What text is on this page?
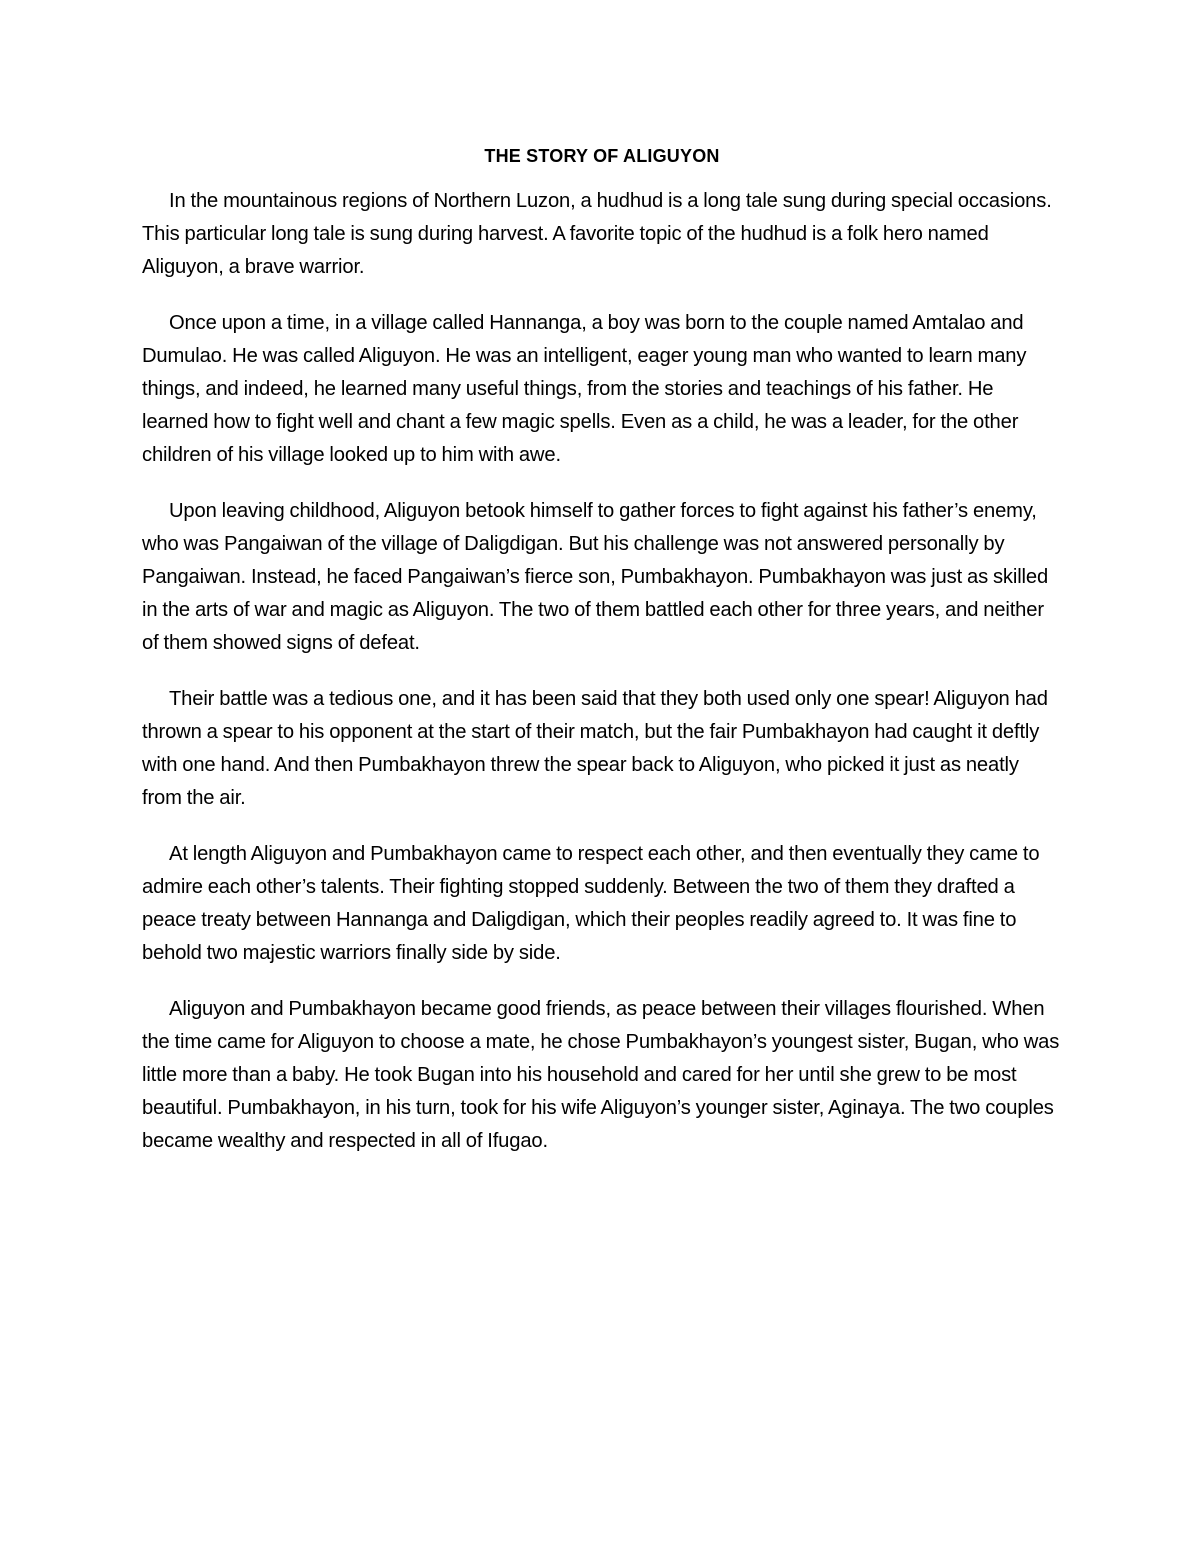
THE STORY OF ALIGUYON

In the mountainous regions of Northern Luzon, a hudhud is a long tale sung during special occasions. This particular long tale is sung during harvest. A favorite topic of the hudhud is a folk hero named Aliguyon, a brave warrior.

Once upon a time, in a village called Hannanga, a boy was born to the couple named Amtalao and Dumulao. He was called Aliguyon. He was an intelligent, eager young man who wanted to learn many things, and indeed, he learned many useful things, from the stories and teachings of his father. He learned how to fight well and chant a few magic spells. Even as a child, he was a leader, for the other children of his village looked up to him with awe.

Upon leaving childhood, Aliguyon betook himself to gather forces to fight against his father’s enemy, who was Pangaiwan of the village of Daligdigan. But his challenge was not answered personally by Pangaiwan. Instead, he faced Pangaiwan’s fierce son, Pumbakhayon. Pumbakhayon was just as skilled in the arts of war and magic as Aliguyon. The two of them battled each other for three years, and neither of them showed signs of defeat.

Their battle was a tedious one, and it has been said that they both used only one spear! Aliguyon had thrown a spear to his opponent at the start of their match, but the fair Pumbakhayon had caught it deftly with one hand. And then Pumbakhayon threw the spear back to Aliguyon, who picked it just as neatly from the air.

At length Aliguyon and Pumbakhayon came to respect each other, and then eventually they came to admire each other’s talents. Their fighting stopped suddenly. Between the two of them they drafted a peace treaty between Hannanga and Daligdigan, which their peoples readily agreed to. It was fine to behold two majestic warriors finally side by side.

Aliguyon and Pumbakhayon became good friends, as peace between their villages flourished. When the time came for Aliguyon to choose a mate, he chose Pumbakhayon’s youngest sister, Bugan, who was little more than a baby. He took Bugan into his household and cared for her until she grew to be most beautiful. Pumbakhayon, in his turn, took for his wife Aliguyon’s younger sister, Aginaya. The two couples became wealthy and respected in all of Ifugao.
